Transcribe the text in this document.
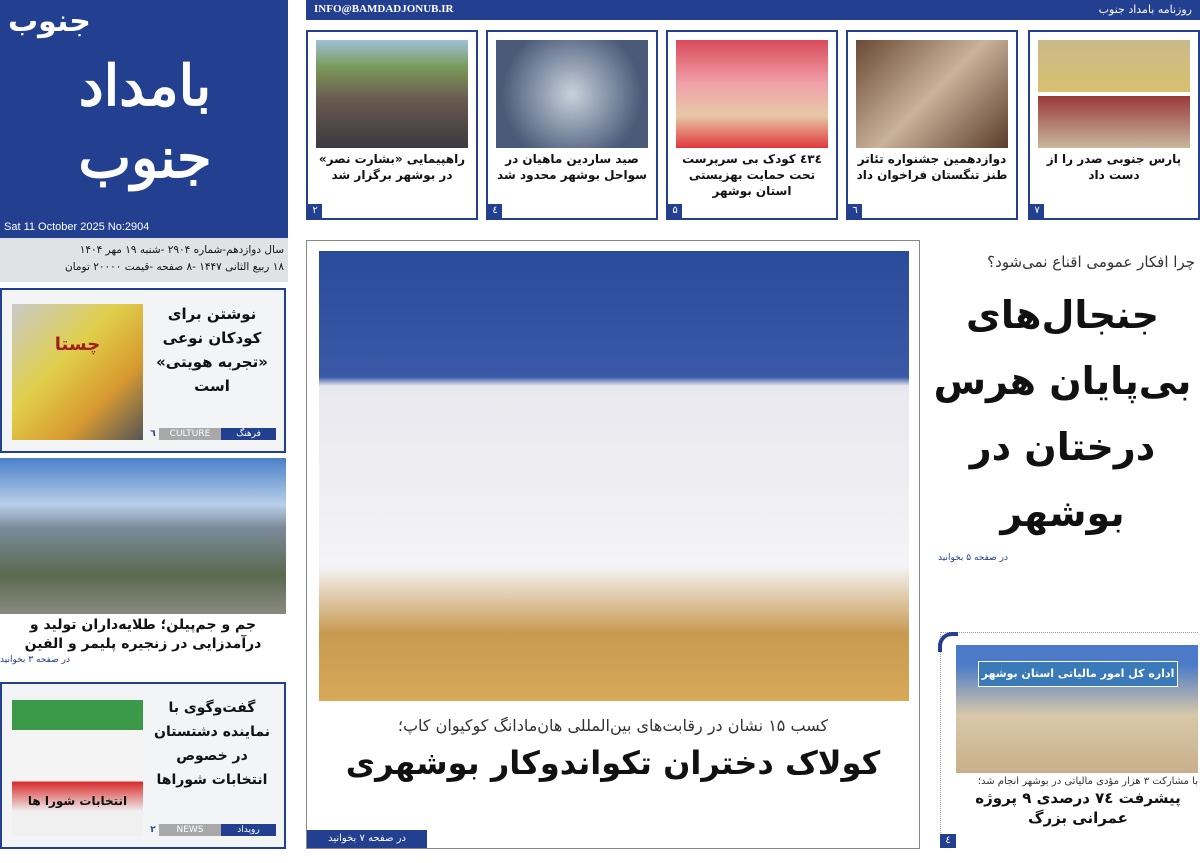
جنوب
بامداد جنوب
Sat 11 October 2025 No:2904
سال دوازدهم-شماره ۲۹۰۴ -شنبه ۱۹ مهر ۱۴۰۴
۱۸ ربیع الثانی ۱۴۴۷ -۸ صفحه -قیمت ۲۰۰۰۰ تومان
INFO@BAMDADJONUB.IR	روزنامه بامداد جنوب
پارس جنوبی صدر را از دست داد
۷
دوازدهمین جشنواره تئاتر طنز تنگستان فراخوان داد
٦
٤٣٤ کودک بی سرپرست تحت حمایت بهزیستی استان بوشهر
۵
صید ساردین ماهیان در سواحل بوشهر محدود شد
٤
راهپیمایی «بشارت نصر» در بوشهر برگزار شد
۲
چستا
نوشتن برای کودکان نوعی «تجربه هویتی» است
٦	CULTURE	فرهنگ
جم و جم‌پیلن؛ طلایه‌داران تولید و درآمدزایی در زنجیره پلیمر و الفین
در صفحه ۳ بخوانید
انتخابات شورا ها
گفت‌وگوی با نماینده دشتستان در خصوص انتخابات شوراها
۲	NEWS	رویداد
کسب ۱۵ نشان در رقابت‌های بین‌المللی هان‌مادانگ کوکیوان کاپ؛
کولاک دختران تکواندوکار بوشهری
در صفحه ۷ بخوانید
چرا افکار عمومی اقناع نمی‌شود؟
جنجال‌های بی‌پایان هرس درختان در بوشهر
در صفحه ۵ بخوانید
اداره کل امور مالیاتی استان بوشهر
با مشارکت ۳ هزار مؤدی مالیاتی در بوشهر انجام شد؛
پیشرفت ۷٤ درصدی ۹ پروژه عمرانی بزرگ
٤
